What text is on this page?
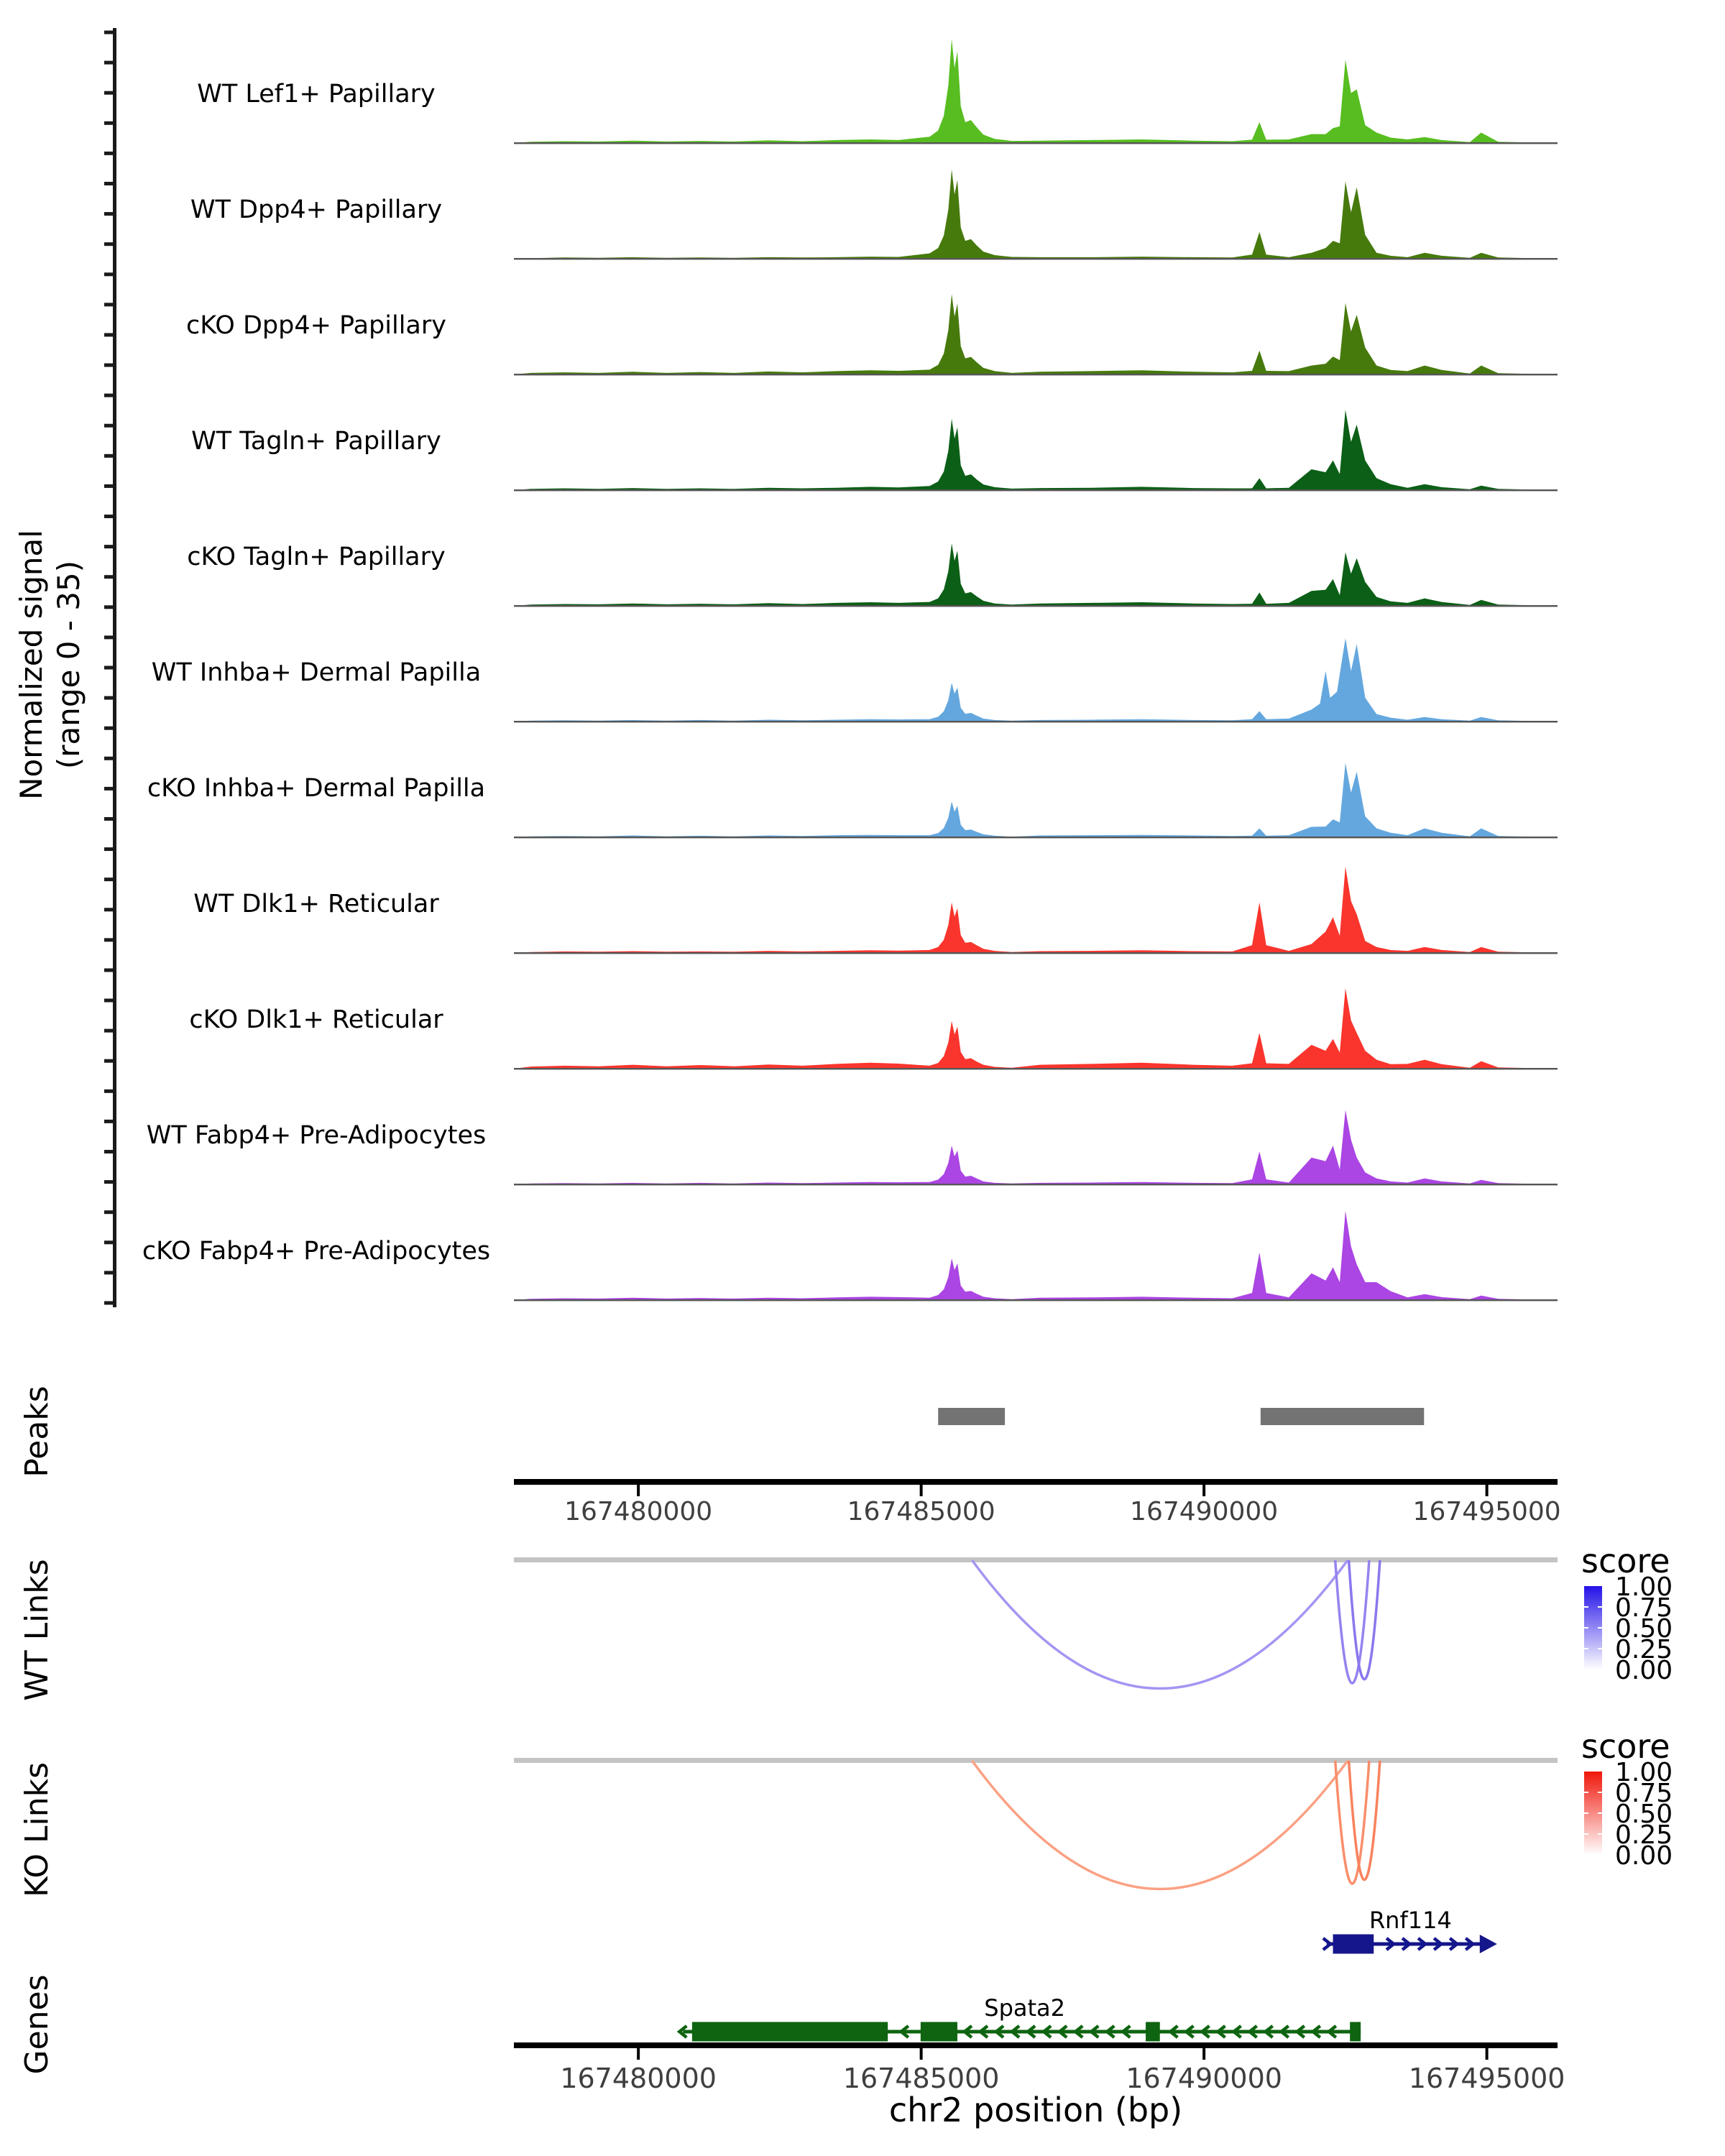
Normalized signal (range 0 - 35)
Peaks
WT Links
KO Links
Genes
chr2 position (bp)
score
score
WT Lef1+ Papillary
WT Dpp4+ Papillary
cKO Dpp4+ Papillary
WT Tagln+ Papillary
cKO Tagln+ Papillary
WT Inhba+ Dermal Papilla
cKO Inhba+ Dermal Papilla
WT Dlk1+ Reticular
cKO Dlk1+ Reticular
WT Fabp4+ Pre-Adipocytes
cKO Fabp4+ Pre-Adipocytes
167480000	167485000	167490000	167495000
1.00
0.75
0.50
0.25
0.00
1.00
0.75
0.50
0.25
0.00
Rnf114
Spata2
167480000	167485000	167490000	167495000
